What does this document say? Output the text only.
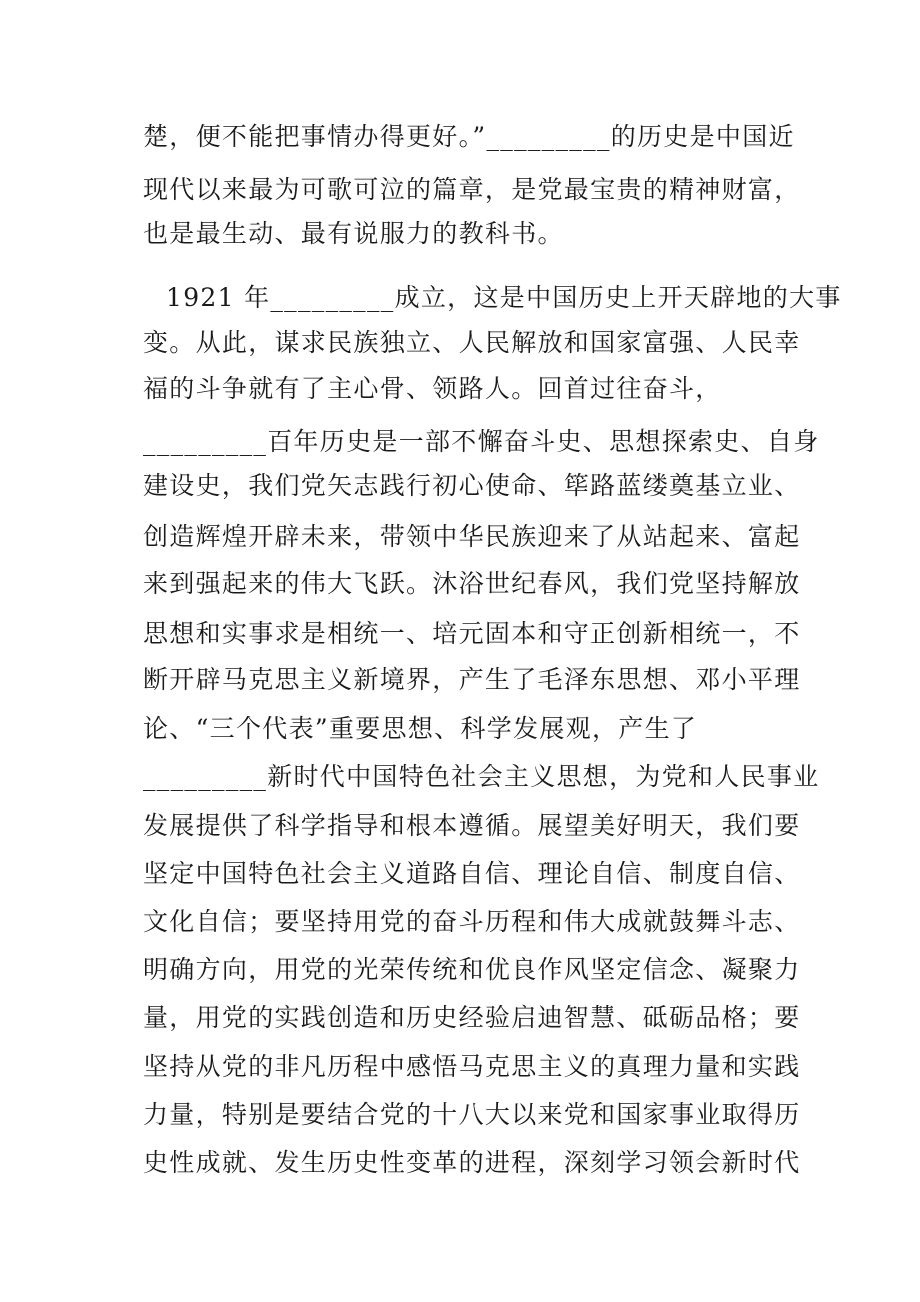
楚，便不能把事情办得更好。”_________的历史是中国近
现代以来最为可歌可泣的篇章，是党最宝贵的精神财富，
也是最生动、最有说服力的教科书。
1921 年_________成立，这是中国历史上开天辟地的大事
变。从此，谋求民族独立、人民解放和国家富强、人民幸
福的斗争就有了主心骨、领路人。回首过往奋斗，
_________百年历史是一部不懈奋斗史、思想探索史、自身
建设史，我们党矢志践行初心使命、筚路蓝缕奠基立业、
创造辉煌开辟未来，带领中华民族迎来了从站起来、富起
来到强起来的伟大飞跃。沐浴世纪春风，我们党坚持解放
思想和实事求是相统一、培元固本和守正创新相统一，不
断开辟马克思主义新境界，产生了毛泽东思想、邓小平理
论、“三个代表”重要思想、科学发展观，产生了
_________新时代中国特色社会主义思想，为党和人民事业
发展提供了科学指导和根本遵循。展望美好明天，我们要
坚定中国特色社会主义道路自信、理论自信、制度自信、
文化自信；要坚持用党的奋斗历程和伟大成就鼓舞斗志、
明确方向，用党的光荣传统和优良作风坚定信念、凝聚力
量，用党的实践创造和历史经验启迪智慧、砥砺品格；要
坚持从党的非凡历程中感悟马克思主义的真理力量和实践
力量，特别是要结合党的十八大以来党和国家事业取得历
史性成就、发生历史性变革的进程，深刻学习领会新时代
